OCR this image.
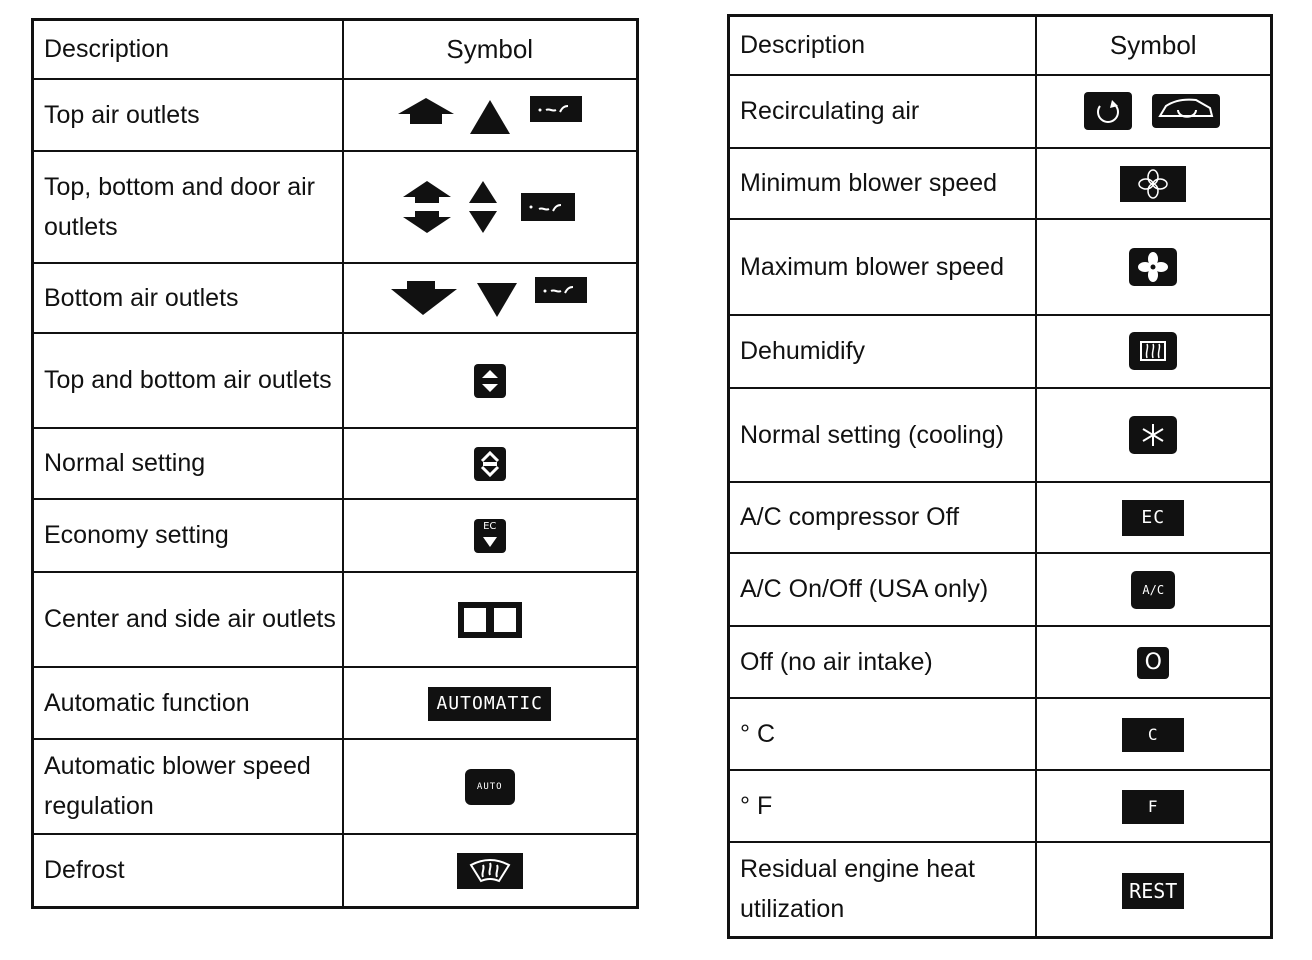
Description	Symbol
Top air outlets	
Top, bottom and door air outlets	
Bottom air outlets	
Top and bottom air outlets	
Normal setting	
Economy setting	EC

Center and side air outlets	
Automatic function	AUTOMATIC
Automatic blower speed regulation	AUTO
Defrost	
Description	Symbol
Recirculating air	
Minimum blower speed	
Maximum blower speed	
Dehumidify	
Normal setting (cooling)	
A/C compressor Off	EC
A/C On/Off (USA only)	A/C
Off (no air intake)	O
° C	C
° F	F
Residual engine heat utilization	REST
